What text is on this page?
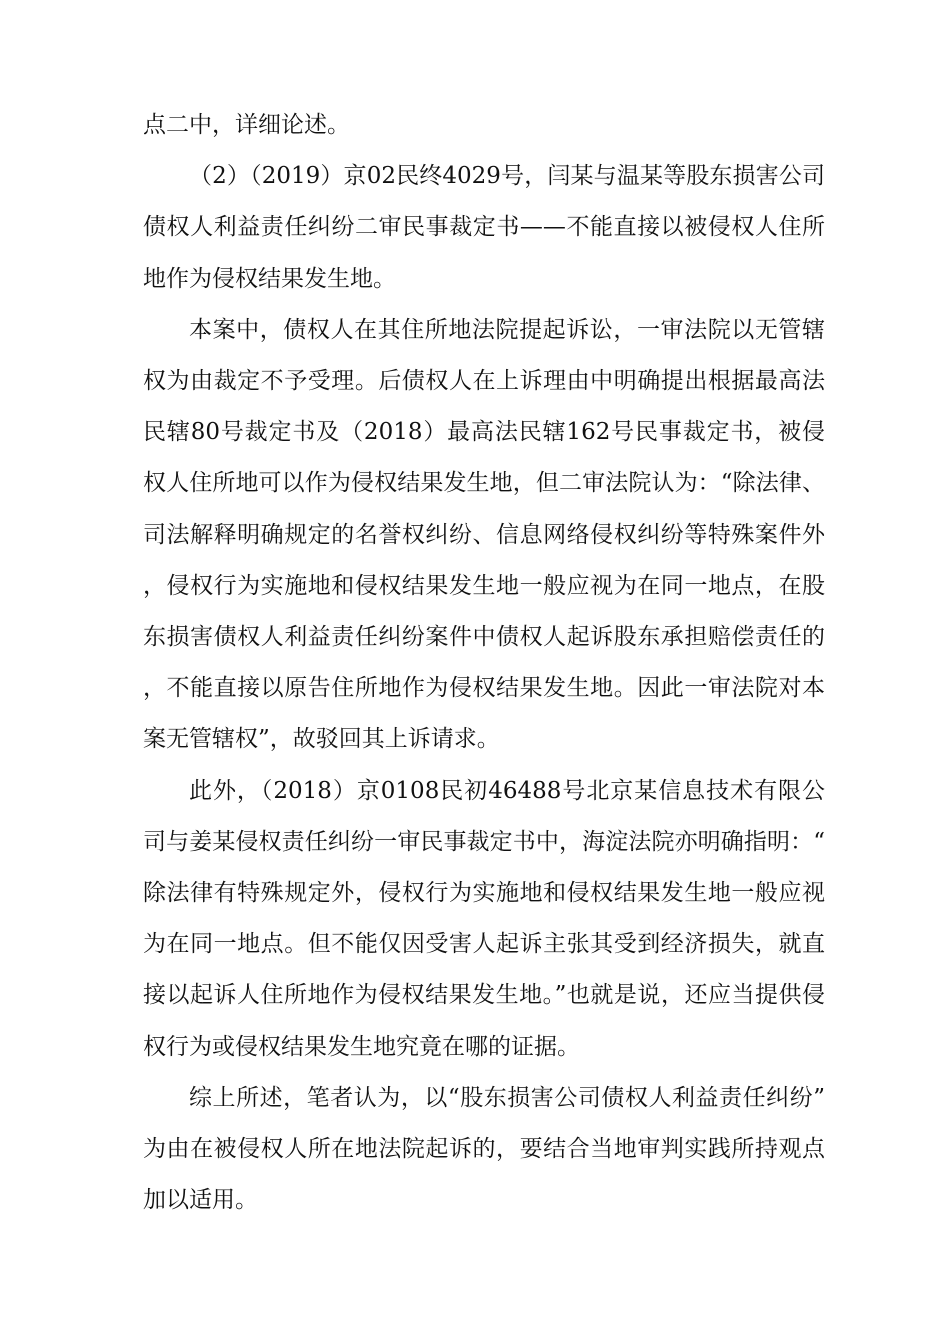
点二中，详细论述。

（2）（2019）京02民终4029号，闫某与温某等股东损害公司债权人利益责任纠纷二审民事裁定书——不能直接以被侵权人住所地作为侵权结果发生地。

本案中，债权人在其住所地法院提起诉讼，一审法院以无管辖权为由裁定不予受理。后债权人在上诉理由中明确提出根据最高法民辖80号裁定书及（2018）最高法民辖162号民事裁定书，被侵权人住所地可以作为侵权结果发生地，但二审法院认为：“除法律、司法解释明确规定的名誉权纠纷、信息网络侵权纠纷等特殊案件外，侵权行为实施地和侵权结果发生地一般应视为在同一地点，在股东损害债权人利益责任纠纷案件中债权人起诉股东承担赔偿责任的，不能直接以原告住所地作为侵权结果发生地。因此一审法院对本案无管辖权”，故驳回其上诉请求。

此外，（2018）京0108民初46488号北京某信息技术有限公司与姜某侵权责任纠纷一审民事裁定书中，海淀法院亦明确指明：“除法律有特殊规定外，侵权行为实施地和侵权结果发生地一般应视为在同一地点。但不能仅因受害人起诉主张其受到经济损失，就直接以起诉人住所地作为侵权结果发生地。”也就是说，还应当提供侵权行为或侵权结果发生地究竟在哪的证据。

综上所述，笔者认为，以“股东损害公司债权人利益责任纠纷”为由在被侵权人所在地法院起诉的，要结合当地审判实践所持观点加以适用。
